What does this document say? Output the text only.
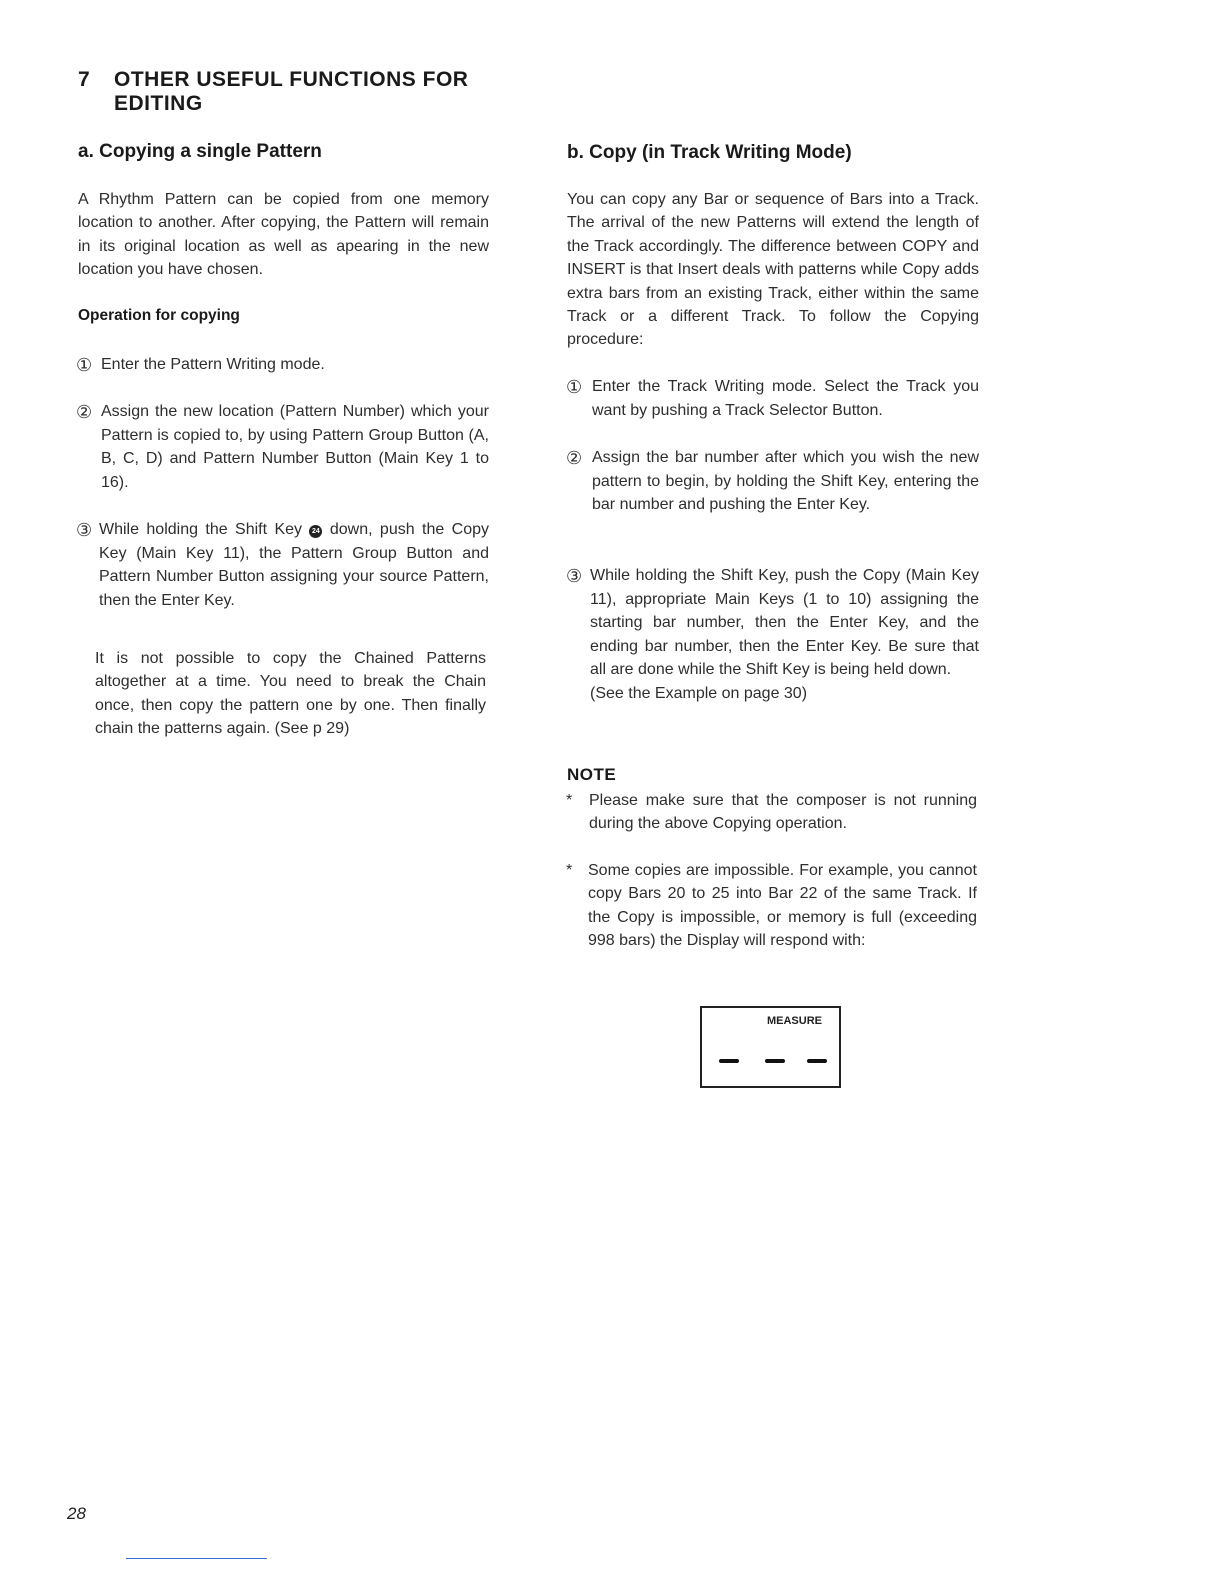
7 OTHER USEFUL FUNCTIONS FOR
EDITING
a. Copying a single Pattern
A Rhythm Pattern can be copied from one memory location to another. After copying, the Pattern will remain in its original location as well as apearing in the new location you have chosen.
Operation for copying
① Enter the Pattern Writing mode.
② Assign the new location (Pattern Number) which your Pattern is copied to, by using Pattern Group Button (A, B, C, D) and Pattern Number Button (Main Key 1 to 16).
③ While holding the Shift Key 24 down, push the Copy Key (Main Key 11), the Pattern Group Button and Pattern Number Button assigning your source Pattern, then the Enter Key.
It is not possible to copy the Chained Patterns altogether at a time. You need to break the Chain once, then copy the pattern one by one. Then finally chain the patterns again. (See p 29)
b. Copy (in Track Writing Mode)
You can copy any Bar or sequence of Bars into a Track. The arrival of the new Patterns will extend the length of the Track accordingly. The difference between COPY and INSERT is that Insert deals with patterns while Copy adds extra bars from an existing Track, either within the same Track or a different Track. To follow the Copying procedure:
① Enter the Track Writing mode. Select the Track you want by pushing a Track Selector Button.
② Assign the bar number after which you wish the new pattern to begin, by holding the Shift Key, entering the bar number and pushing the Enter Key.
③ While holding the Shift Key, push the Copy (Main Key 11), appropriate Main Keys (1 to 10) assigning the starting bar number, then the Enter Key, and the ending bar number, then the Enter Key. Be sure that all are done while the Shift Key is being held down.
(See the Example on page 30)
NOTE
*	Please make sure that the composer is not running during the above Copying operation.
* Some copies are impossible. For example, you cannot copy Bars 20 to 25 into Bar 22 of the same Track. If the Copy is impossible, or memory is full (exceeding 998 bars) the Display will respond with:
MEASURE
28
